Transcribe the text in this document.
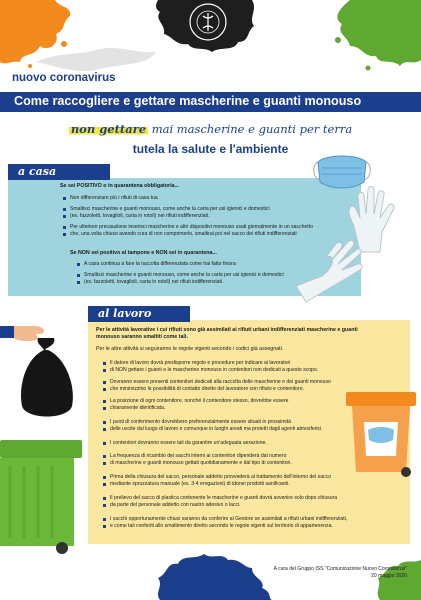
nuovo coronavirus
Come raccogliere e gettare mascherine e guanti monouso
non gettare mai mascherine e guanti per terra
tutela la salute e l'ambiente
a casa
Se sei POSITIVO o in quarantena obbligatoria...
Non differenziare più i rifiuti di casa tua
Smaltisci mascherine e guanti monouso, come anche la carta per usi igienici e domestici
(es. fazzoletti, tovaglioli, carta in rotoli) nei rifiuti indifferenziati.
Per ulteriore precauzione inserisci mascherine e altri dispositivi monouso usati giornalmente in un sacchetto
che, una volta chiuso avendo cura di non comprimerlo, smaltirai poi nel sacco dei rifiuti indifferenziati
Se NON sei positivo al tampone e NON sei in quarantena...
A casa continua a fare la raccolta differenziata come hai fatto finora
Smaltisci mascherine e guanti monouso, come anche la carta per usi igienici e domestici
(es. fazzoletti, tovaglioli, carta in rotoli) nei rifiuti indifferenziati.
al lavoro
Per le attività lavorative i cui rifiuti sono già assimilati ai rifiuti urbani indifferenziati mascherine e guanti
monouso saranno smaltiti come tali.
Per le altre attività si seguiranno le regole vigenti secondo i codici già assegnati.
Il datore di lavoro dovrà predisporre regole e procedure per indicare ai lavoratori
di NON gettare i guanti e le mascherine monouso in contenitori non dedicati a questo scopo.
Dovranno essere presenti contenitori dedicati alla raccolta delle mascherine e dei guanti monouso
che minimizzino le possibilità di contatto diretto del lavoratore con rifiuto e contenitore.
La posizione di ogni contenitore, nonché il contenitore stesso, dovrebbe essere
chiaramente identificata.
I punti di conferimento dovrebbero preferenzialmente essere situati in prossimità
delle uscite dal luogo di lavoro e comunque in luoghi areati ma protetti dagli agenti atmosferici.
I contenitori dovranno essere tali da garantire un'adeguata aerazione.
La frequenza di ricambio dei sacchi interni ai contenitori dipenderà dal numero
di mascherine e guanti monouso gettati quotidianamente e dal tipo di contenitori.
Prima della chiusura del sacco, personale addetto provvederà al trattamento dell'interno del sacco
mediante spruzzatura manuale (es. 3-4 erogazioni) di idonei prodotti sanificanti.
Il prelievo del sacco di plastica contenente le mascherine e guanti dovrà avvenire solo dopo chiusura
da parte del personale addetto con nastro adesivo o lacci.
I sacchi opportunamente chiusi saranno da conferire al Gestore se assimilati a rifiuti urbani indifferenziati,
e come tali conferiti allo smaltimento diretto secondo le regole vigenti sul territorio di appartenenza.
A cura del Gruppo ISS "Comunicazione Nuovo Coronavirus"
20 maggio 2020
